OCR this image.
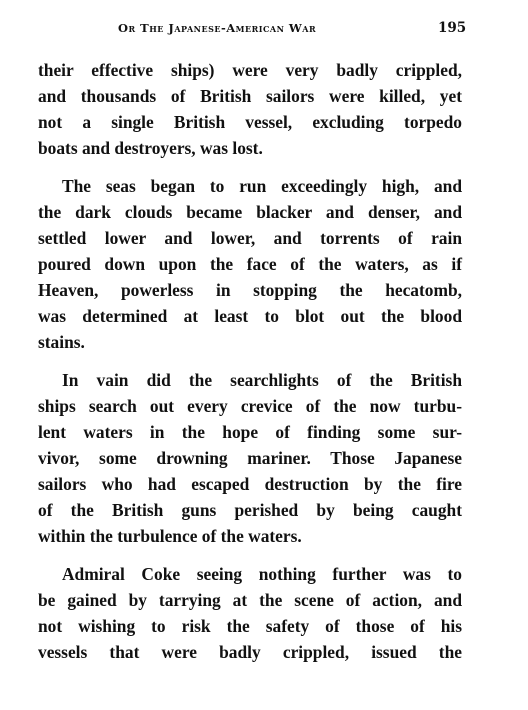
Or The Japanese-American War	195

their effective ships) were very badly crippled,
and thousands of British sailors were killed, yet
not a single British vessel, excluding torpedo
boats and destroyers, was lost.

The seas began to run exceedingly high, and
the dark clouds became blacker and denser, and
settled lower and lower, and torrents of rain
poured down upon the face of the waters, as if
Heaven, powerless in stopping the hecatomb,
was determined at least to blot out the blood
stains.

In vain did the searchlights of the British
ships search out every crevice of the now turbu-
lent waters in the hope of finding some sur-
vivor, some drowning mariner. Those Japanese
sailors who had escaped destruction by the fire
of the British guns perished by being caught
within the turbulence of the waters.

Admiral Coke seeing nothing further was to
be gained by tarrying at the scene of action, and
not wishing to risk the safety of those of his
vessels that were badly crippled, issued the
